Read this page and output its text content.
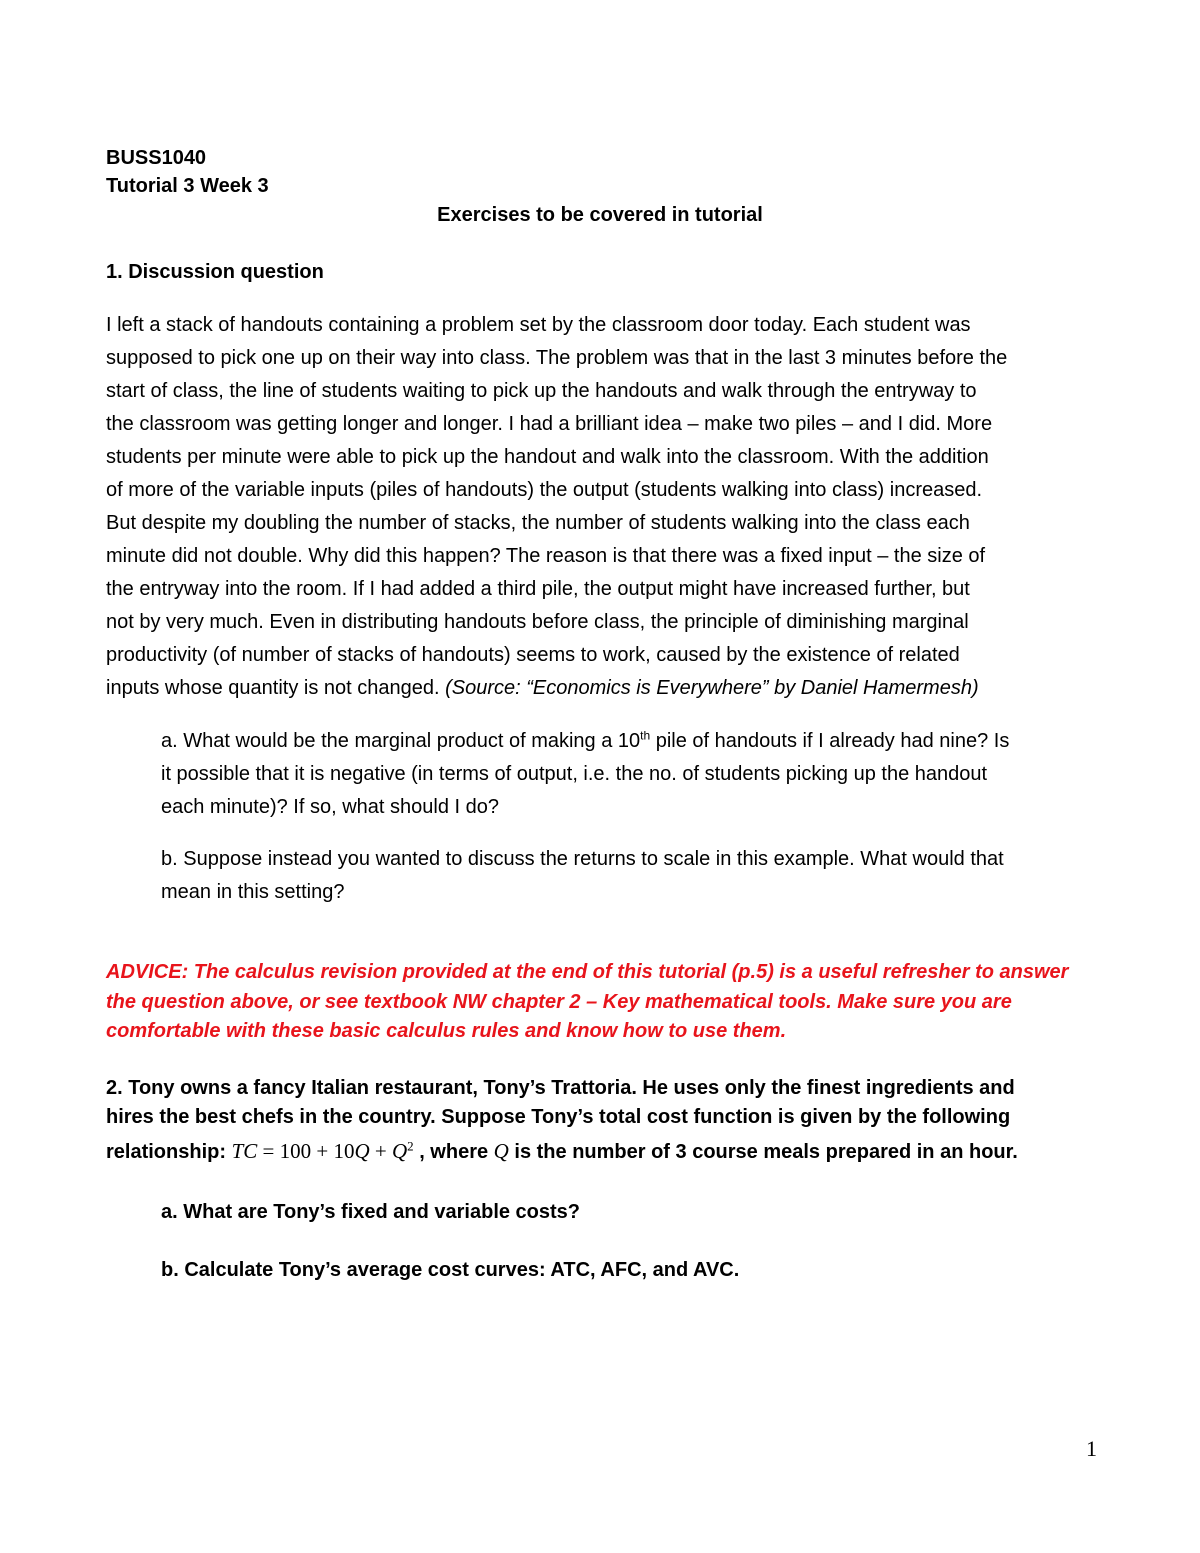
BUSS1040
Tutorial 3 Week 3
Exercises to be covered in tutorial
1. Discussion question
I left a stack of handouts containing a problem set by the classroom door today. Each student was
supposed to pick one up on their way into class. The problem was that in the last 3 minutes before the
start of class, the line of students waiting to pick up the handouts and walk through the entryway to
the classroom was getting longer and longer. I had a brilliant idea – make two piles – and I did. More
students per minute were able to pick up the handout and walk into the classroom. With the addition
of more of the variable inputs (piles of handouts) the output (students walking into class) increased.
But despite my doubling the number of stacks, the number of students walking into the class each
minute did not double. Why did this happen? The reason is that there was a fixed input – the size of
the entryway into the room. If I had added a third pile, the output might have increased further, but
not by very much. Even in distributing handouts before class, the principle of diminishing marginal
productivity (of number of stacks of handouts) seems to work, caused by the existence of related
inputs whose quantity is not changed. (Source: “Economics is Everywhere” by Daniel Hamermesh)
a. What would be the marginal product of making a 10th pile of handouts if I already had nine? Is
it possible that it is negative (in terms of output, i.e. the no. of students picking up the handout
each minute)? If so, what should I do?
b. Suppose instead you wanted to discuss the returns to scale in this example. What would that
mean in this setting?
ADVICE: The calculus revision provided at the end of this tutorial (p.5) is a useful refresher to answer
the question above, or see textbook NW chapter 2 – Key mathematical tools. Make sure you are
comfortable with these basic calculus rules and know how to use them.
2. Tony owns a fancy Italian restaurant, Tony’s Trattoria. He uses only the finest ingredients and
hires the best chefs in the country. Suppose Tony’s total cost function is given by the following
relationship: TC = $100 + 10Q + Q^2$ , where Q is the number of 3 course meals prepared in an hour.
a. What are Tony’s fixed and variable costs?
b. Calculate Tony’s average cost curves: ATC, AFC, and AVC.
1
